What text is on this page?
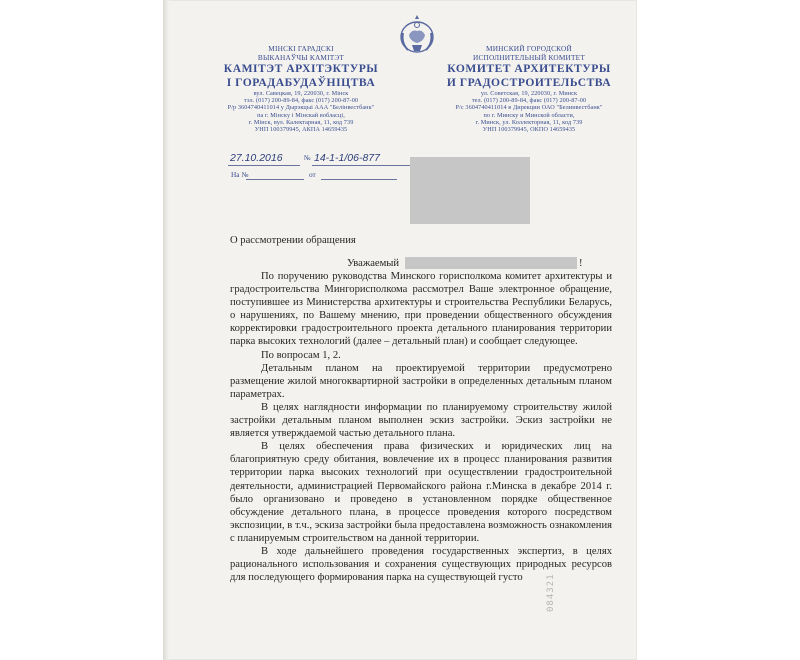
МІНСКІ ГАРАДСКІ
ВЫКАНАЎЧЫ КАМІТЭТ
КАМІТЭТ АРХІТЭКТУРЫ
І ГОРАДАБУДАЎНІЦТВА
вул. Савецкая, 19, 220030, г. Мінск
тэл. (017) 200-89-84, факс (017) 200-87-00
Р/р 3604740411014 у Дырэкцыі ААА "Белінвестбанк"
па г. Мінску і Мінскай вобласці,
г. Мінск, вул. Калектарная, 11, код 739
УНП 100379945, АКПА 14659435
МИНСКИЙ ГОРОДСКОЙ
ИСПОЛНИТЕЛЬНЫЙ КОМИТЕТ
КОМИТЕТ АРХИТЕКТУРЫ
И ГРАДОСТРОИТЕЛЬСТВА
ул. Советская, 19, 220030, г. Минск
тел. (017) 200-89-84, факс (017) 200-87-00
Р/с 3604740411014 в Дирекции ОАО "Белинвестбанк"
по г. Минску и Минской области,
г. Минск, ул. Коллекторная, 11, код 739
УНП 100379945, ОКПО 14659435
27.10.2016	№ 14-1-1/06-877
На №	от
О рассмотрении обращения
Уважаемый	!

По поручению руководства Минского горисполкома комитет архитектуры и градостроительства Мингорисполкома рассмотрел Ваше электронное обращение, поступившее из Министерства архитектуры и строительства Республики Беларусь, о нарушениях, по Вашему мнению, при проведении общественного обсуждения корректировки градостроительного проекта детального планирования территории парка высоких технологий (далее – детальный план) и сообщает следующее.

По вопросам 1, 2.

Детальным планом на проектируемой территории предусмотрено размещение жилой многоквартирной застройки в определенных детальным планом параметрах.

В целях наглядности информации по планируемому строительству жилой застройки детальным планом выполнен эскиз застройки. Эскиз застройки не является утверждаемой частью детального плана.

В целях обеспечения права физических и юридических лиц на благоприятную среду обитания, вовлечение их в процесс планирования развития территории парка высоких технологий при осуществлении градостроительной деятельности, администрацией Первомайского района г.Минска в декабре 2014 г. было организовано и проведено в установленном порядке общественное обсуждение детального плана, в процессе проведения которого посредством экспозиции, в т.ч., эскиза застройки была предоставлена возможность ознакомления с планируемым строительством на данной территории.

В ходе дальнейшего проведения государственных экспертиз, в целях рационального использования и сохранения существующих природных ресурсов для последующего формирования парка на существующей густо	084321
